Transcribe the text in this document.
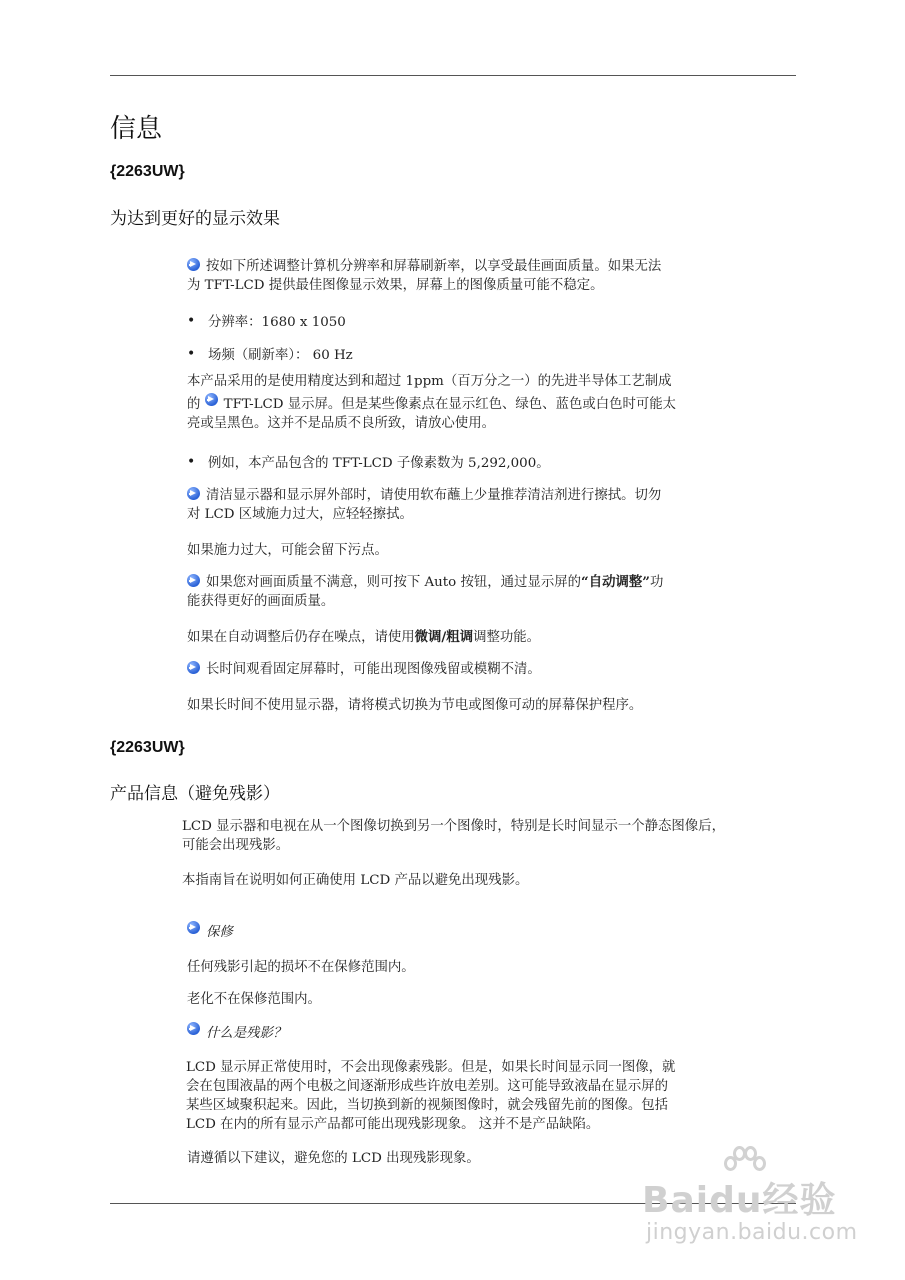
信息
{2263UW}
为达到更好的显示效果
按如下所述调整计算机分辨率和屏幕刷新率，以享受最佳画面质量。如果无法
为 TFT-LCD 提供最佳图像显示效果，屏幕上的图像质量可能不稳定。
• 分辨率：1680 x 1050
• 场频（刷新率）： 60 Hz
本产品采用的是使用精度达到和超过 1ppm（百万分之一）的先进半导体工艺制成
的 TFT-LCD 显示屏。但是某些像素点在显示红色、绿色、蓝色或白色时可能太
亮或呈黑色。这并不是品质不良所致，请放心使用。
• 例如，本产品包含的 TFT-LCD 子像素数为 5,292,000。
清洁显示器和显示屏外部时，请使用软布蘸上少量推荐清洁剂进行擦拭。切勿
对 LCD 区域施力过大，应轻轻擦拭。
如果施力过大，可能会留下污点。
如果您对画面质量不满意，则可按下 Auto 按钮，通过显示屏的“自动调整”功
能获得更好的画面质量。
如果在自动调整后仍存在噪点，请使用微调/粗调调整功能。
长时间观看固定屏幕时，可能出现图像残留或模糊不清。
如果长时间不使用显示器，请将模式切换为节电或图像可动的屏幕保护程序。
{2263UW}
产品信息（避免残影）
LCD 显示器和电视在从一个图像切换到另一个图像时，特别是长时间显示一个静态图像后，
可能会出现残影。
本指南旨在说明如何正确使用 LCD 产品以避免出现残影。
保修
任何残影引起的损坏不在保修范围内。
老化不在保修范围内。
什么是残影？
LCD 显示屏正常使用时，不会出现像素残影。但是，如果长时间显示同一图像，就
会在包围液晶的两个电极之间逐渐形成些许放电差别。这可能导致液晶在显示屏的
某些区域聚积起来。因此，当切换到新的视频图像时，就会残留先前的图像。包括
LCD 在内的所有显示产品都可能出现残影现象。 这并不是产品缺陷。
请遵循以下建议，避免您的 LCD 出现残影现象。
Baidu经验
jingyan.baidu.com
